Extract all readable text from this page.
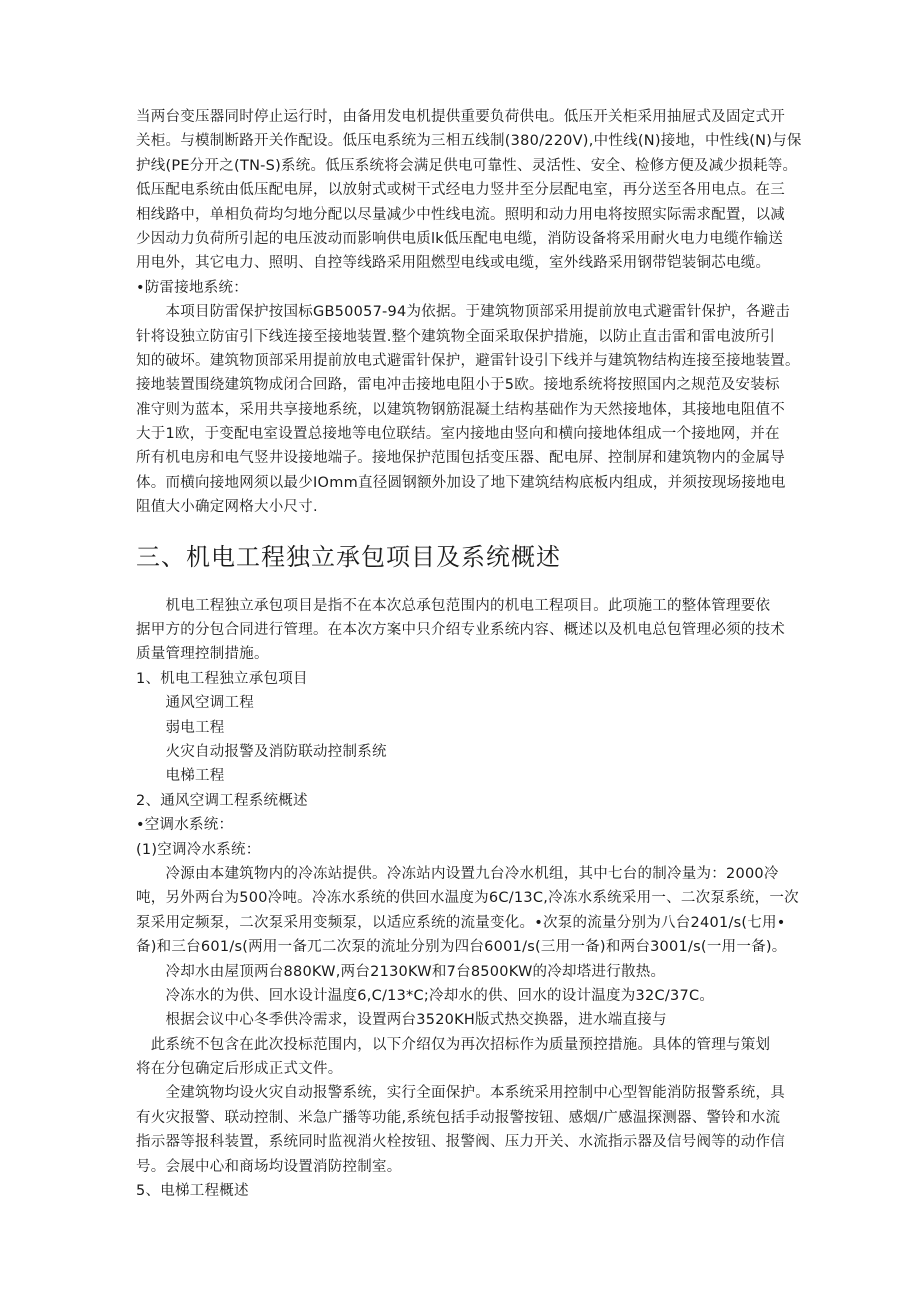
当两台变压器同时停止运行时，由备用发电机提供重要负荷供电。低压开关柜采用抽屉式及固定式开
关柜。与模制断路开关作配设。低压电系统为三相五线制(380/220V),中性线(N)接地，中性线(N)与保
护线(PE分开之(TN-S)系统。低压系统将会满足供电可靠性、灵活性、安全、检修方便及减少损耗等。
低压配电系统由低压配电屏，以放射式或树干式经电力竖井至分层配电室，再分送至各用电点。在三
相线路中，单相负荷均匀地分配以尽量减少中性线电流。照明和动力用电将按照实际需求配置，以减
少因动力负荷所引起的电压波动而影响供电质lk低压配电电缆，消防设备将采用耐火电力电缆作输送
用电外，其它电力、照明、自控等线路采用阻燃型电线或电缆，室外线路采用钢带铠装铜芯电缆。
•防雷接地系统：
　　本项目防雷保护按国标GB50057-94为依据。于建筑物顶部采用提前放电式避雷针保护，各避击
针将设独立防宙引下线连接至接地装置.整个建筑物全面采取保护措施，以防止直击雷和雷电波所引
知的破坏。建筑物顶部采用提前放电式避雷针保护，避雷针设引下线并与建筑物结构连接至接地装置。
接地装置围绕建筑物成闭合回路，雷电冲击接地电阻小于5欧。接地系统将按照国内之规范及安装标
准守则为蓝本，采用共享接地系统，以建筑物钢筋混凝土结构基础作为天然接地体，其接地电阻值不
大于1欧，于变配电室设置总接地等电位联结。室内接地由竖向和横向接地体组成一个接地网，并在
所有机电房和电气竖井设接地端子。接地保护范围包括变压器、配电屏、控制屏和建筑物内的金属导
体。而横向接地网须以最少IOmm直径圆钢额外加设了地下建筑结构底板内组成，并须按现场接地电
阻值大小确定网格大小尺寸.
三、机电工程独立承包项目及系统概述
　　机电工程独立承包项目是指不在本次总承包范围内的机电工程项目。此项施工的整体管理要依
据甲方的分包合同进行管理。在本次方案中只介绍专业系统内容、概述以及机电总包管理必须的技术
质量管理控制措施。
1、机电工程独立承包项目
　　通风空调工程
　　弱电工程
　　火灾自动报警及消防联动控制系统
　　电梯工程
2、通风空调工程系统概述
•空调水系统：
(1)空调冷水系统：
　　冷源由本建筑物内的冷冻站提供。冷冻站内设置九台冷水机组，其中七台的制冷量为：2000冷
吨，另外两台为500冷吨。冷冻水系统的供回水温度为6C/13C,冷冻水系统采用一、二次泵系统，一次
泵采用定频泵，二次泵采用变频泵，以适应系统的流量变化。•次泵的流量分别为八台2401/s(七用•
备)和三台601/s(两用一备兀二次泵的流址分别为四台6001/s(三用一备)和两台3001/s(一用一备)。
　　冷却水由屋顶两台880KW,两台2130KW和7台8500KW的冷却塔进行散热。
　　冷冻水的为供、回水设计温度6,C/13*C;冷却水的供、回水的设计温度为32C/37C。
　　根据会议中心冬季供冷需求，设置两台3520KH版式热交换器，进水端直接与
　此系统不包含在此次投标范围内，以下介绍仅为再次招标作为质量预控措施。具体的管理与策划
将在分包确定后形成正式文件。
　　全建筑物均设火灾自动报警系统，实行全面保护。本系统采用控制中心型智能消防报警系统，具
有火灾报警、联动控制、米急广播等功能,系统包括手动报警按钮、感烟/广感温探测器、警铃和水流
指示器等报科装置，系统同时监视消火栓按钮、报警阀、压力开关、水流指示器及信号阀等的动作信
号。会展中心和商场均设置消防控制室。
5、电梯工程概述
